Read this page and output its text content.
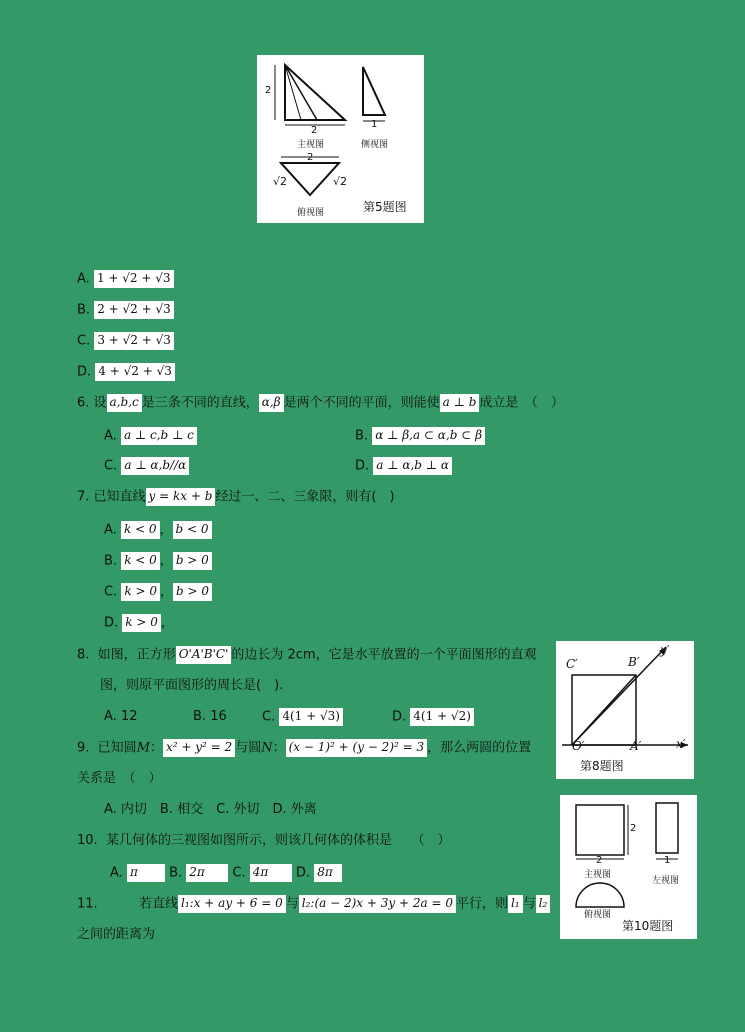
2
2
1
主视图	侧视图
2
√2	√2
俯视图	第5题图
A. 1 + √2 + √3
B. 2 + √2 + √3
C. 3 + √2 + √3
D. 4 + √2 + √3
6. 设 a,b,c 是三条不同的直线， α,β 是两个不同的平面，则能使 a ⊥ b 成立是　（　）
A. a ⊥ c,b ⊥ c	B. α ⊥ β,a ⊂ α,b ⊂ β
C. a ⊥ α,b//α	D. a ⊥ α,b ⊥ α
7. 已知直线 y = kx + b 经过一、二、三象限，则有(　)
A. k < 0 ， b < 0
B. k < 0 ， b > 0
C. k > 0 ， b > 0
D. k > 0 ，
8. 如图，正方形 O'A'B'C' 的边长为 2cm，它是水平放置的一个平面图形的直观
图，则原平面图形的周长是(　).
A. 12	B. 16	C. 4(1 + √3)	D. 4(1 + √2)
C′	B′
y′
O′	A′	x′
第8题图
9. 已知圆M： x² + y² = 2 与圆N： (x − 1)² + (y − 2)² = 3 ，那么两圆的位置
关系是　（　）
A. 内切　B. 相交　C. 外切　D. 外离
10. 某几何体的三视图如图所示，则该几何体的体积是　　（　）
A. π B. 2π C. 4π D. 8π
2
2	1
主视图
左视图
俯视图
第10题图
11.	若直线 l₁:x + ay + 6 = 0 与 l₂:(a − 2)x + 3y + 2a = 0 平行，则 l₁ 与 l₂
之间的距离为
